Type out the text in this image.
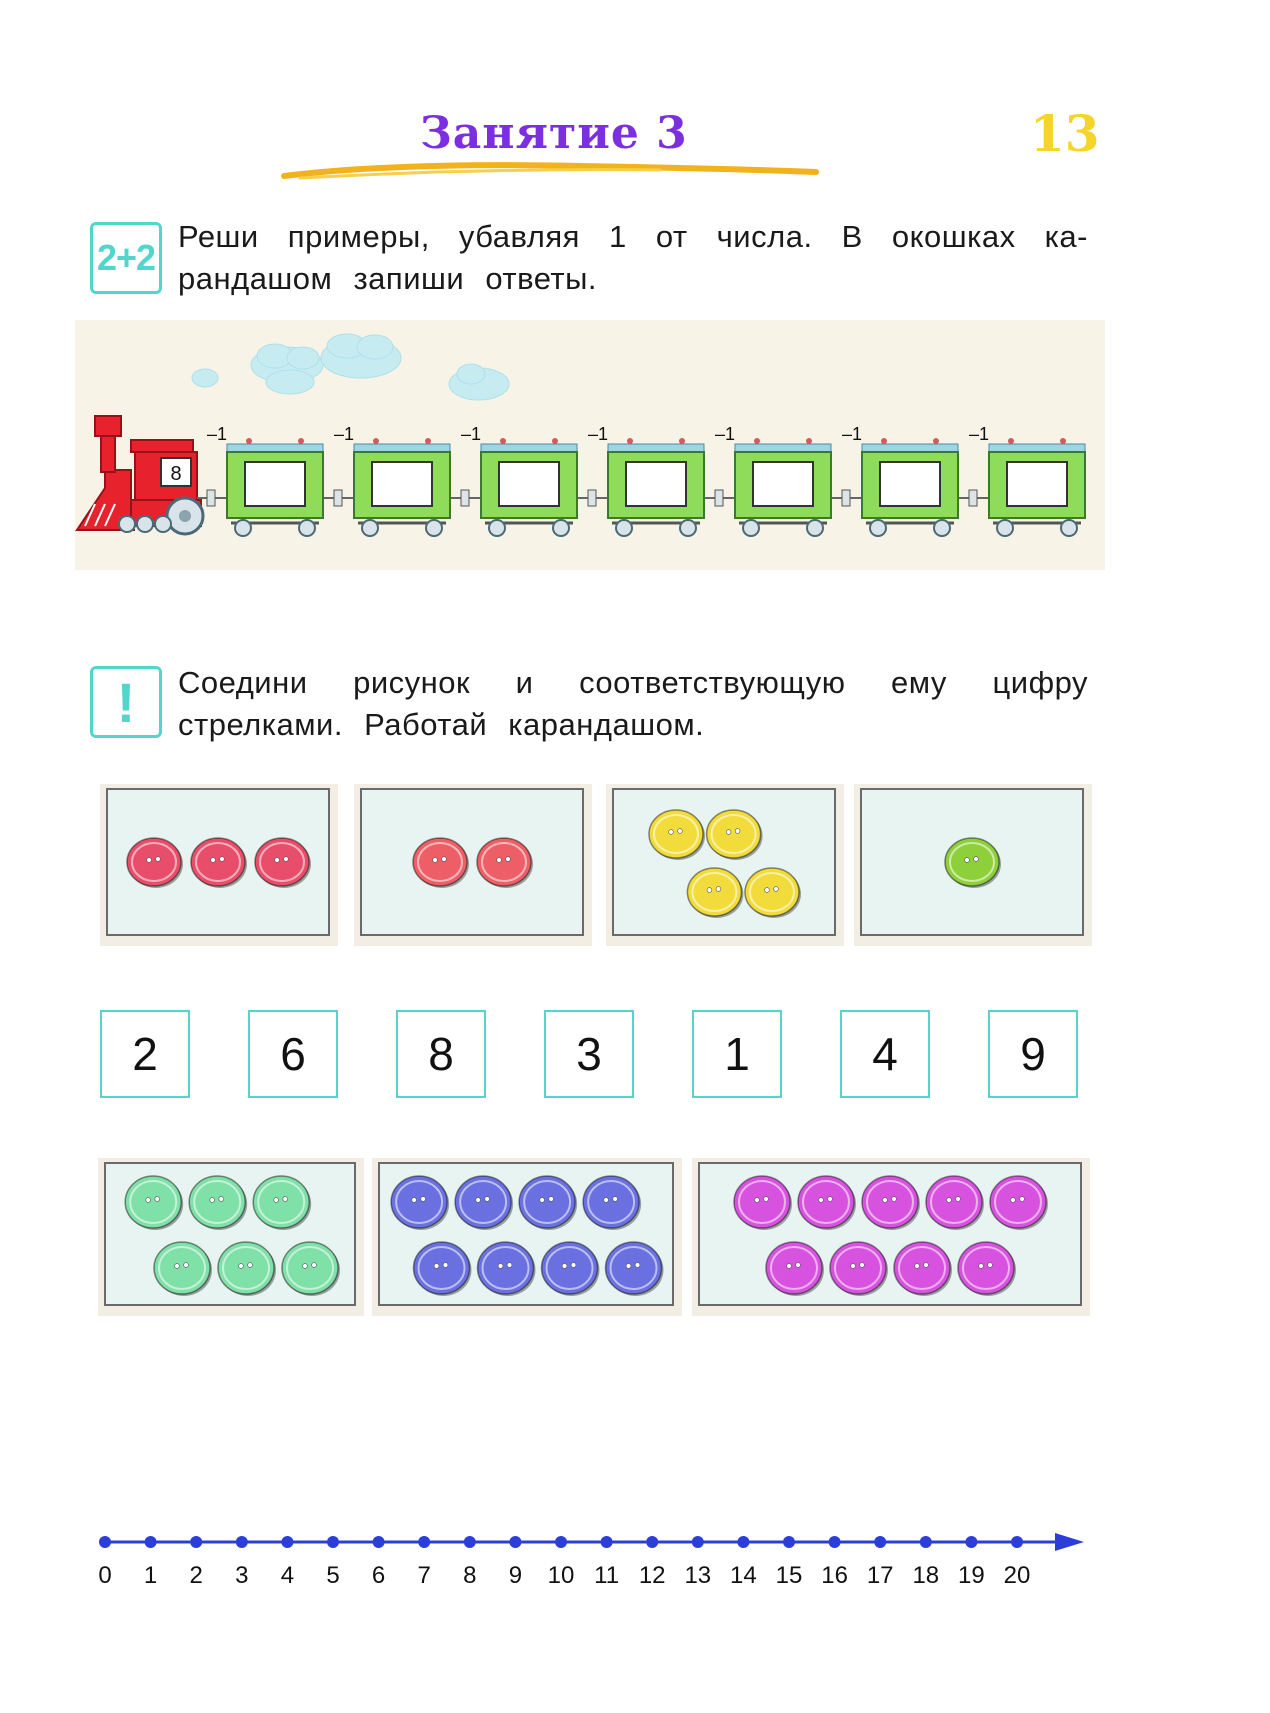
Занятие 3	13
2+2
Реши примеры, убавляя 1 от числа. В окошках ка-
рандашом запиши ответы.
8
–1	–1	–1	–1	–1	–1	–1
!	Соедини рисунок и соответствующую ему цифру
стрелками. Работай карандашом.
2	6	8	3	1	4	9
0 1 2 3 4 5 6 7 8 9 10 11 12 13 14 15 16 17 18 19 20
